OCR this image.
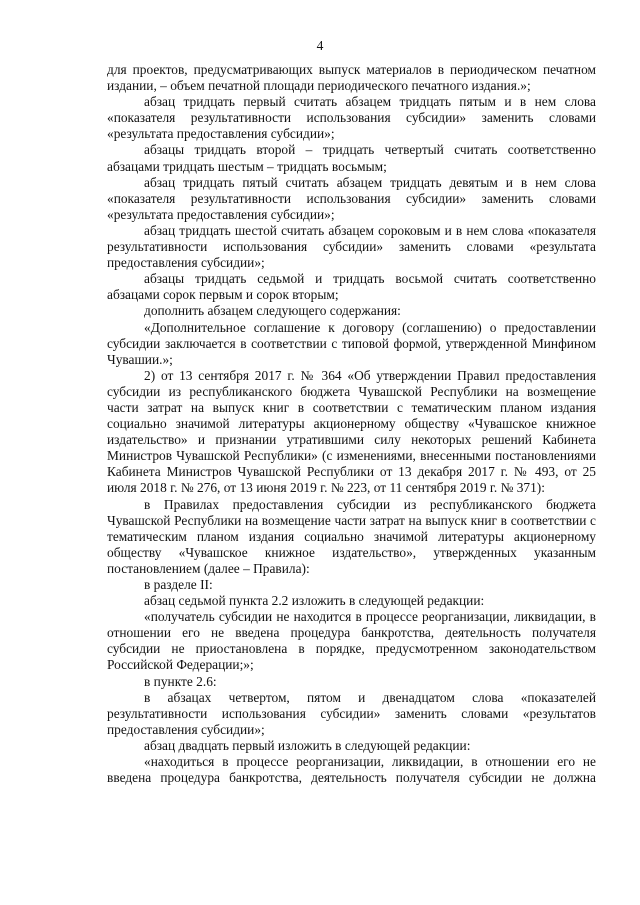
4

для проектов, предусматривающих выпуск материалов в периодическом печатном издании, – объем печатной площади периодического печатного издания.»;

абзац тридцать первый считать абзацем тридцать пятым и в нем слова «показателя результативности использования субсидии» заменить словами «результата предоставления субсидии»;

абзацы тридцать второй – тридцать четвертый считать соответственно абзацами тридцать шестым – тридцать восьмым;

абзац тридцать пятый считать абзацем тридцать девятым и в нем слова «показателя результативности использования субсидии» заменить словами «результата предоставления субсидии»;

абзац тридцать шестой считать абзацем сороковым и в нем слова «показателя результативности использования субсидии» заменить словами «результата предоставления субсидии»;

абзацы тридцать седьмой и тридцать восьмой считать соответственно абзацами сорок первым и сорок вторым;

дополнить абзацем следующего содержания:

«Дополнительное соглашение к договору (соглашению) о предоставлении субсидии заключается в соответствии с типовой формой, утвержденной Минфином Чувашии.»;

2) от 13 сентября 2017 г. № 364 «Об утверждении Правил предоставления субсидии из республиканского бюджета Чувашской Республики на возмещение части затрат на выпуск книг в соответствии с тематическим планом издания социально значимой литературы акционерному обществу «Чувашское книжное издательство» и признании утратившими силу некоторых решений Кабинета Министров Чувашской Республики» (с изменениями, внесенными постановлениями Кабинета Министров Чувашской Республики от 13 декабря 2017 г. № 493, от 25 июля 2018 г. № 276, от 13 июня 2019 г. № 223, от 11 сентября 2019 г. № 371):

в Правилах предоставления субсидии из республиканского бюджета Чувашской Республики на возмещение части затрат на выпуск книг в соответствии с тематическим планом издания социально значимой литературы акционерному обществу «Чувашское книжное издательство», утвержденных указанным постановлением (далее – Правила):

в разделе II:

абзац седьмой пункта 2.2 изложить в следующей редакции:

«получатель субсидии не находится в процессе реорганизации, ликвидации, в отношении его не введена процедура банкротства, деятельность получателя субсидии не приостановлена в порядке, предусмотренном законодательством Российской Федерации;»;

в пункте 2.6:

в абзацах четвертом, пятом и двенадцатом слова «показателей результативности использования субсидии» заменить словами «результатов предоставления субсидии»;

абзац двадцать первый изложить в следующей редакции:

«находиться в процессе реорганизации, ликвидации, в отношении его не введена процедура банкротства, деятельность получателя субсидии не должна
